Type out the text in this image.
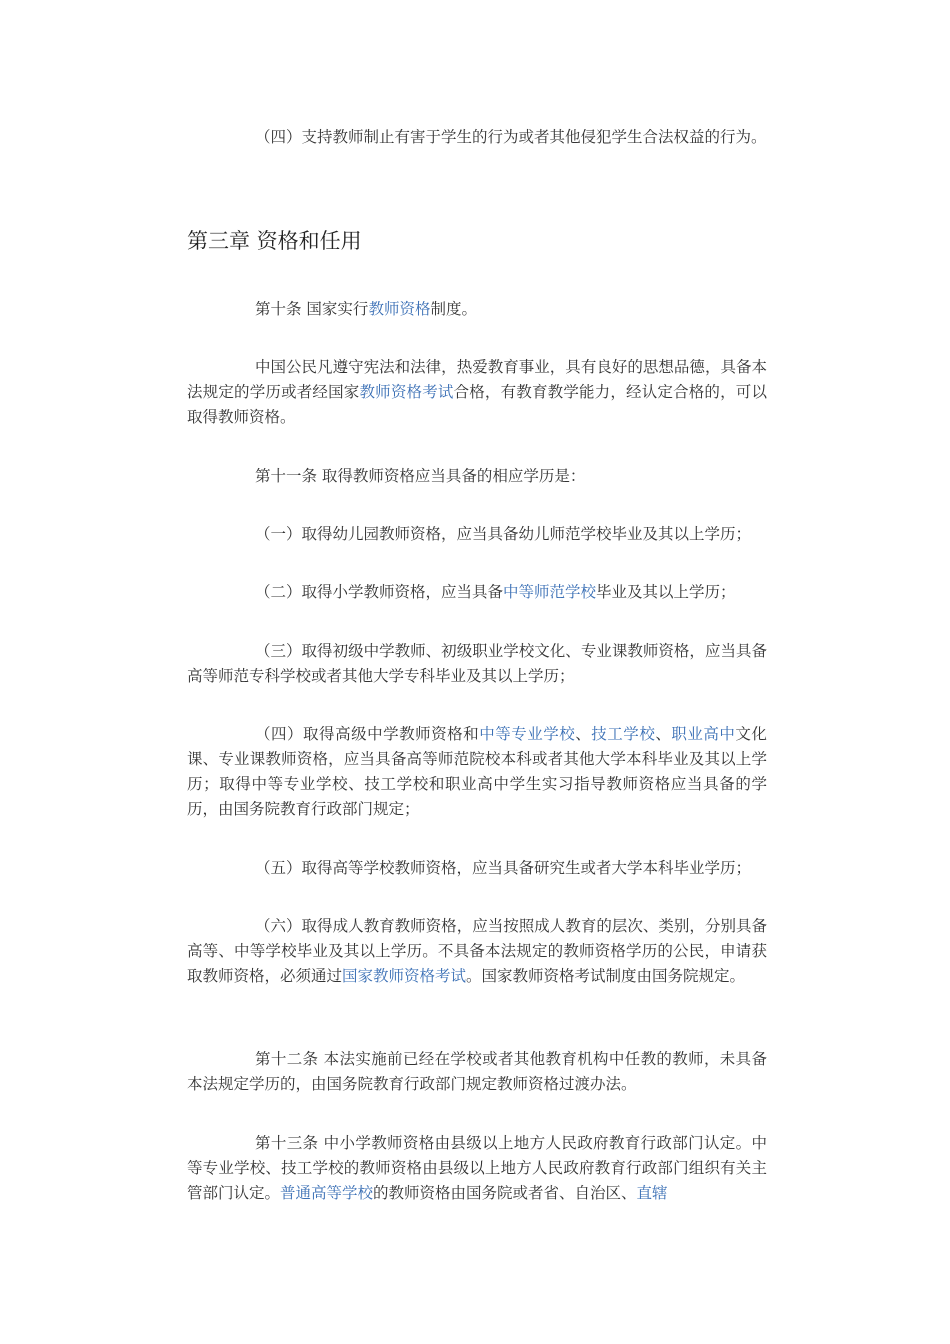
（四）支持教师制止有害于学生的行为或者其他侵犯学生合法权益的行为。

第三章 资格和任用

第十条 国家实行教师资格制度。

中国公民凡遵守宪法和法律，热爱教育事业，具有良好的思想品德，具备本法规定的学历或者经国家教师资格考试合格，有教育教学能力，经认定合格的，可以取得教师资格。

第十一条 取得教师资格应当具备的相应学历是：

（一）取得幼儿园教师资格，应当具备幼儿师范学校毕业及其以上学历；

（二）取得小学教师资格，应当具备中等师范学校毕业及其以上学历；

（三）取得初级中学教师、初级职业学校文化、专业课教师资格，应当具备高等师范专科学校或者其他大学专科毕业及其以上学历；

（四）取得高级中学教师资格和中等专业学校、技工学校、职业高中文化课、专业课教师资格，应当具备高等师范院校本科或者其他大学本科毕业及其以上学历；取得中等专业学校、技工学校和职业高中学生实习指导教师资格应当具备的学历，由国务院教育行政部门规定；

（五）取得高等学校教师资格，应当具备研究生或者大学本科毕业学历；

（六）取得成人教育教师资格，应当按照成人教育的层次、类别，分别具备高等、中等学校毕业及其以上学历。不具备本法规定的教师资格学历的公民，申请获取教师资格，必须通过国家教师资格考试。国家教师资格考试制度由国务院规定。

第十二条 本法实施前已经在学校或者其他教育机构中任教的教师，未具备本法规定学历的，由国务院教育行政部门规定教师资格过渡办法。

第十三条 中小学教师资格由县级以上地方人民政府教育行政部门认定。中等专业学校、技工学校的教师资格由县级以上地方人民政府教育行政部门组织有关主管部门认定。普通高等学校的教师资格由国务院或者省、自治区、直辖
